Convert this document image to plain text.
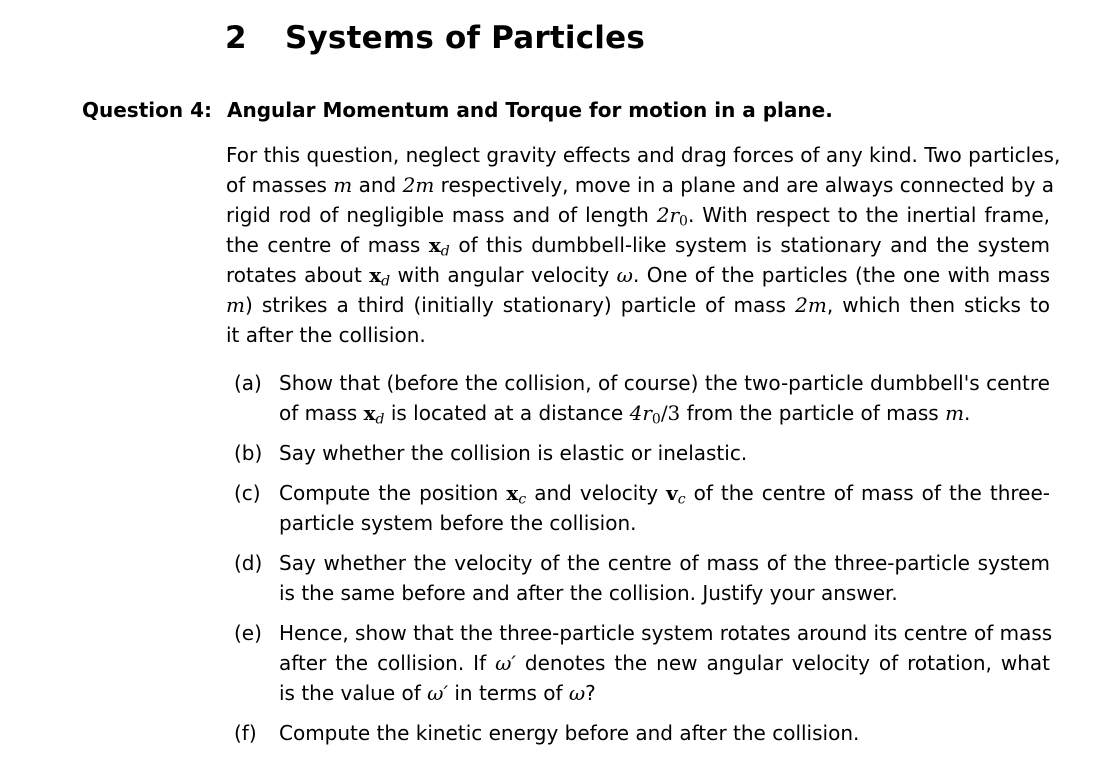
2 Systems of Particles
Question 4: Angular Momentum and Torque for motion in a plane.
For this question, neglect gravity effects and drag forces of any kind. Two particles,
of masses m and 2m respectively, move in a plane and are always connected by a
rigid rod of negligible mass and of length $2r_0$. With respect to the inertial frame,
the centre of mass $x_d$ of this dumbbell-like system is stationary and the system
rotates about $x_d$ with angular velocity ω. One of the particles (the one with mass
m) strikes a third (initially stationary) particle of mass 2m, which then sticks to
it after the collision.
(a) Show that (before the collision, of course) the two-particle dumbbell's centre
of mass $x_d$ is located at a distance $4r_0/3$ from the particle of mass m.
(b) Say whether the collision is elastic or inelastic.
(c) Compute the position $x_c$ and velocity $v_c$ of the centre of mass of the three-
particle system before the collision.
(d) Say whether the velocity of the centre of mass of the three-particle system
is the same before and after the collision. Justify your answer.
(e) Hence, show that the three-particle system rotates around its centre of mass
after the collision. If ω′ denotes the new angular velocity of rotation, what
is the value of ω′ in terms of ω?
(f) Compute the kinetic energy before and after the collision.
